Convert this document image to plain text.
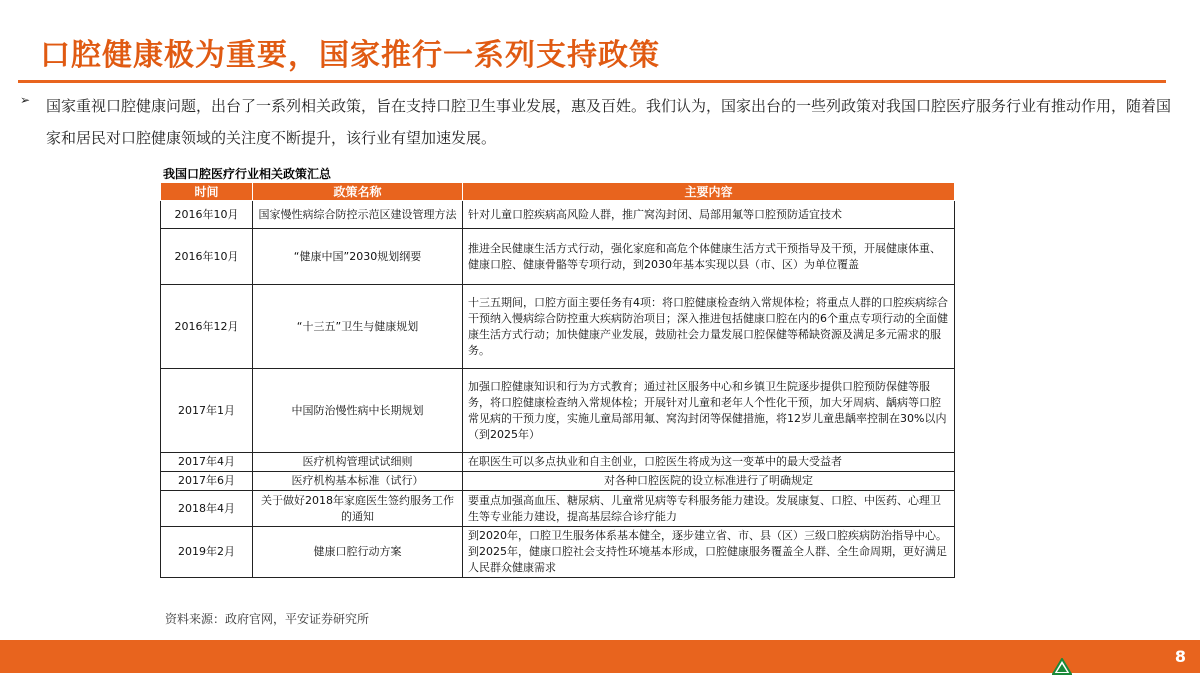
口腔健康极为重要，国家推行一系列支持政策
➢ 国家重视口腔健康问题，出台了一系列相关政策，旨在支持口腔卫生事业发展，惠及百姓。我们认为，国家出台的一些列政策对我国口腔医疗服务行业有推动作用，随着国家和居民对口腔健康领域的关注度不断提升，该行业有望加速发展。
我国口腔医疗行业相关政策汇总
时间	政策名称	主要内容
2016年10月	国家慢性病综合防控示范区建设管理方法	针对儿童口腔疾病高风险人群，推广窝沟封闭、局部用氟等口腔预防适宜技术
2016年10月	“健康中国”2030规划纲要	推进全民健康生活方式行动，强化家庭和高危个体健康生活方式干预指导及干预，开展健康体重、健康口腔、健康骨骼等专项行动，到2030年基本实现以县（市、区）为单位覆盖
2016年12月	“十三五”卫生与健康规划	十三五期间，口腔方面主要任务有4项：将口腔健康检查纳入常规体检；将重点人群的口腔疾病综合干预纳入慢病综合防控重大疾病防治项目；深入推进包括健康口腔在内的6个重点专项行动的全面健康生活方式行动；加快健康产业发展，鼓励社会力量发展口腔保健等稀缺资源及满足多元需求的服务。
2017年1月	中国防治慢性病中长期规划	加强口腔健康知识和行为方式教育；通过社区服务中心和乡镇卫生院逐步提供口腔预防保健等服务，将口腔健康检查纳入常规体检；开展针对儿童和老年人个性化干预，加大牙周病、龋病等口腔常见病的干预力度，实施儿童局部用氟、窝沟封闭等保健措施，将12岁儿童患龋率控制在30%以内（到2025年）
2017年4月	医疗机构管理试试细则	在职医生可以多点执业和自主创业，口腔医生将成为这一变革中的最大受益者
2017年6月	医疗机构基本标准（试行）	对各种口腔医院的设立标准进行了明确规定
2018年4月	关于做好2018年家庭医生签约服务工作的通知	要重点加强高血压、糖尿病、儿童常见病等专科服务能力建设。发展康复、口腔、中医药、心理卫生等专业能力建设，提高基层综合诊疗能力
2019年2月	健康口腔行动方案	到2020年，口腔卫生服务体系基本健全，逐步建立省、市、县（区）三级口腔疾病防治指导中心。到2025年，健康口腔社会支持性环境基本形成，口腔健康服务覆盖全人群、全生命周期，更好满足人民群众健康需求
资料来源：政府官网，平安证券研究所
8
